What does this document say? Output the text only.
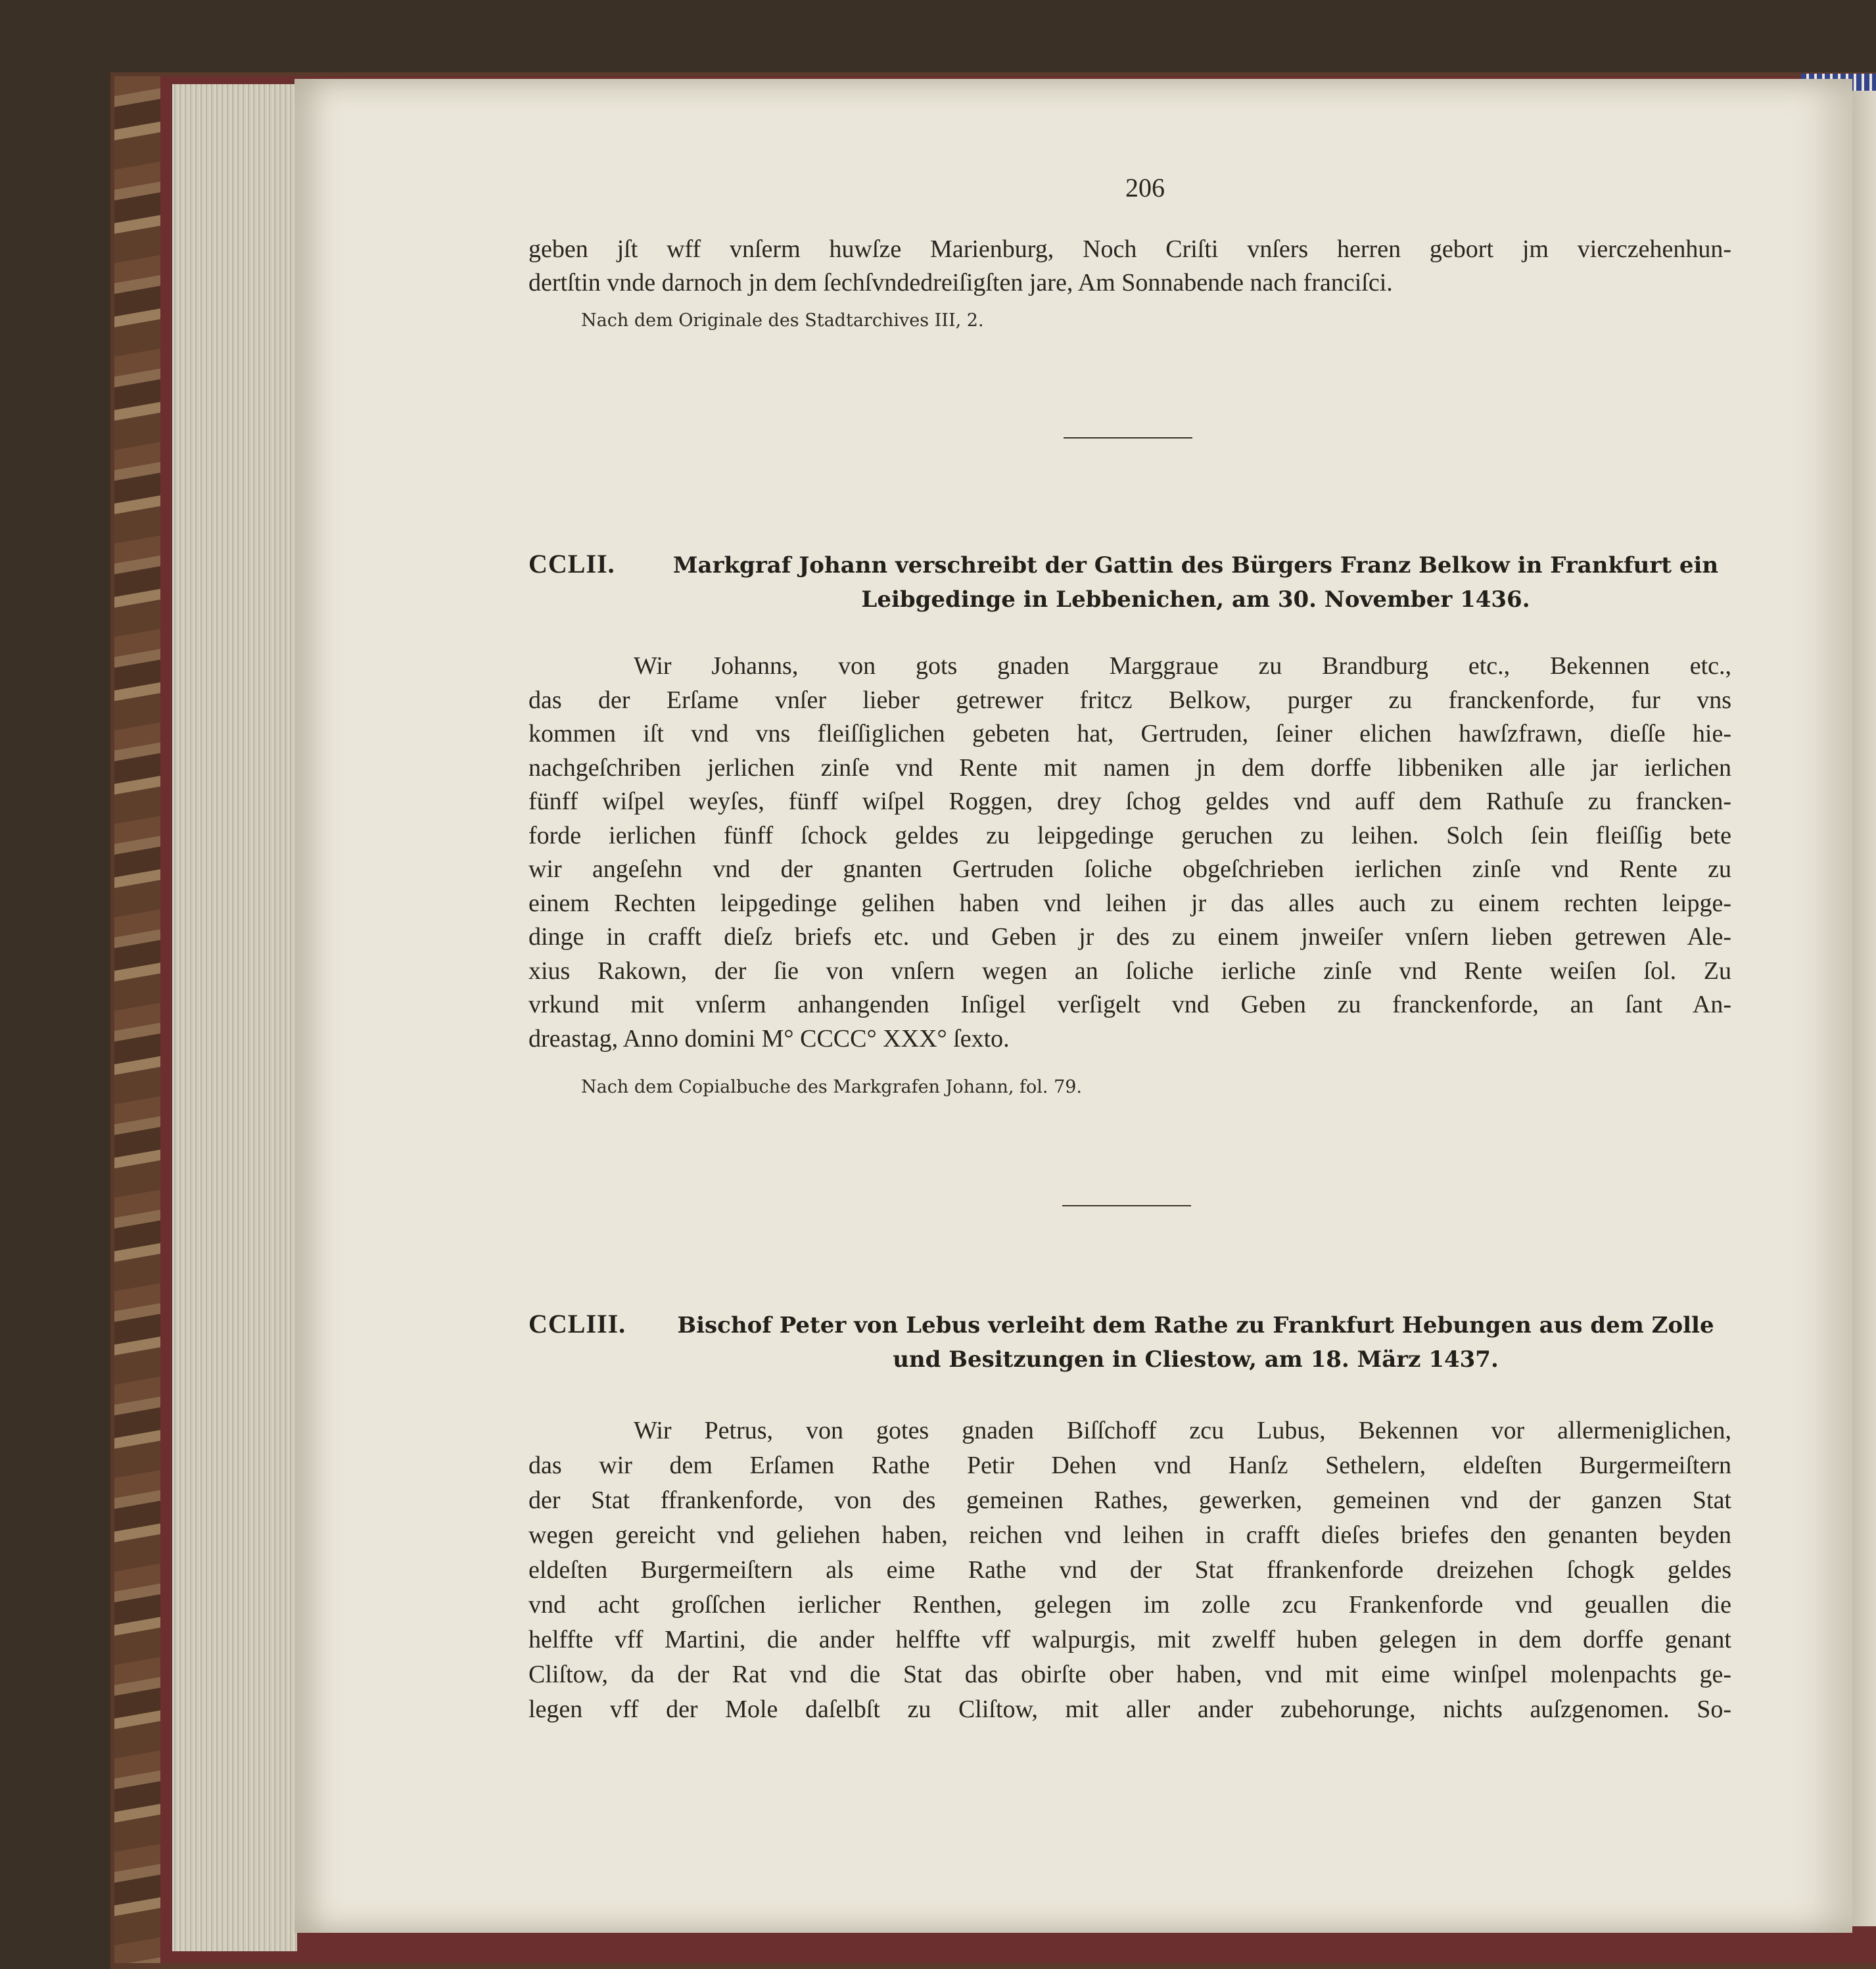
206

geben jſt wff vnſerm huwſze Marienburg, Noch Criſti vnſers herren gebort jm vierczehenhun-

dertſtin vnde darnoch jn dem ſechſvndedreiſigſten jare, Am Sonnabende nach franciſci.

Nach dem Originale des Stadtarchives III, 2.
CCLII.	Markgraf Johann verschreibt der Gattin des Bürgers Franz Belkow in Frankfurt ein Leibgedinge in Lebbenichen, am 30. November 1436.

Wir Johanns, von gots gnaden Marggraue zu Brandburg etc., Bekennen etc.,

das der Erſame vnſer lieber getrewer fritcz Belkow, purger zu franckenforde, fur vns

kommen iſt vnd vns fleiſſiglichen gebeten hat, Gertruden, ſeiner elichen hawſzfrawn, dieſſe hie-

nachgeſchriben jerlichen zinſe vnd Rente mit namen jn dem dorffe libbeniken alle jar ierlichen

fünff wiſpel weyſes, fünff wiſpel Roggen, drey ſchog geldes vnd auff dem Rathuſe zu francken-

forde ierlichen fünff ſchock geldes zu leipgedinge geruchen zu leihen. Solch ſein fleiſſig bete

wir angeſehn vnd der gnanten Gertruden ſoliche obgeſchrieben ierlichen zinſe vnd Rente zu

einem Rechten leipgedinge gelihen haben vnd leihen jr das alles auch zu einem rechten leipge-

dinge in crafft dieſz briefs etc. und Geben jr des zu einem jnweiſer vnſern lieben getrewen Ale-

xius Rakown, der ſie von vnſern wegen an ſoliche ierliche zinſe vnd Rente weiſen ſol. Zu

vrkund mit vnſerm anhangenden Inſigel verſigelt vnd Geben zu franckenforde, an ſant An-

dreastag, Anno domini M° CCCC° XXX° ſexto.

Nach dem Copialbuche des Markgrafen Johann, fol. 79.
CCLIII.	Bischof Peter von Lebus verleiht dem Rathe zu Frankfurt Hebungen aus dem Zolle und Besitzungen in Cliestow, am 18. März 1437.

Wir Petrus, von gotes gnaden Biſſchoff zcu Lubus, Bekennen vor allermeniglichen,

das wir dem Erſamen Rathe Petir Dehen vnd Hanſz Sethelern, eldeſten Burgermeiſtern

der Stat ffrankenforde, von des gemeinen Rathes, gewerken, gemeinen vnd der ganzen Stat

wegen gereicht vnd geliehen haben, reichen vnd leihen in crafft dieſes briefes den genanten beyden

eldeſten Burgermeiſtern als eime Rathe vnd der Stat ffrankenforde dreizehen ſchogk geldes

vnd acht groſſchen ierlicher Renthen, gelegen im zolle zcu Frankenforde vnd geuallen die

helffte vff Martini, die ander helffte vff walpurgis, mit zwelff huben gelegen in dem dorffe genant

Cliſtow, da der Rat vnd die Stat das obirſte ober haben, vnd mit eime winſpel molenpachts ge-

legen vff der Mole daſelbſt zu Cliſtow, mit aller ander zubehorunge, nichts auſzgenomen. So-
